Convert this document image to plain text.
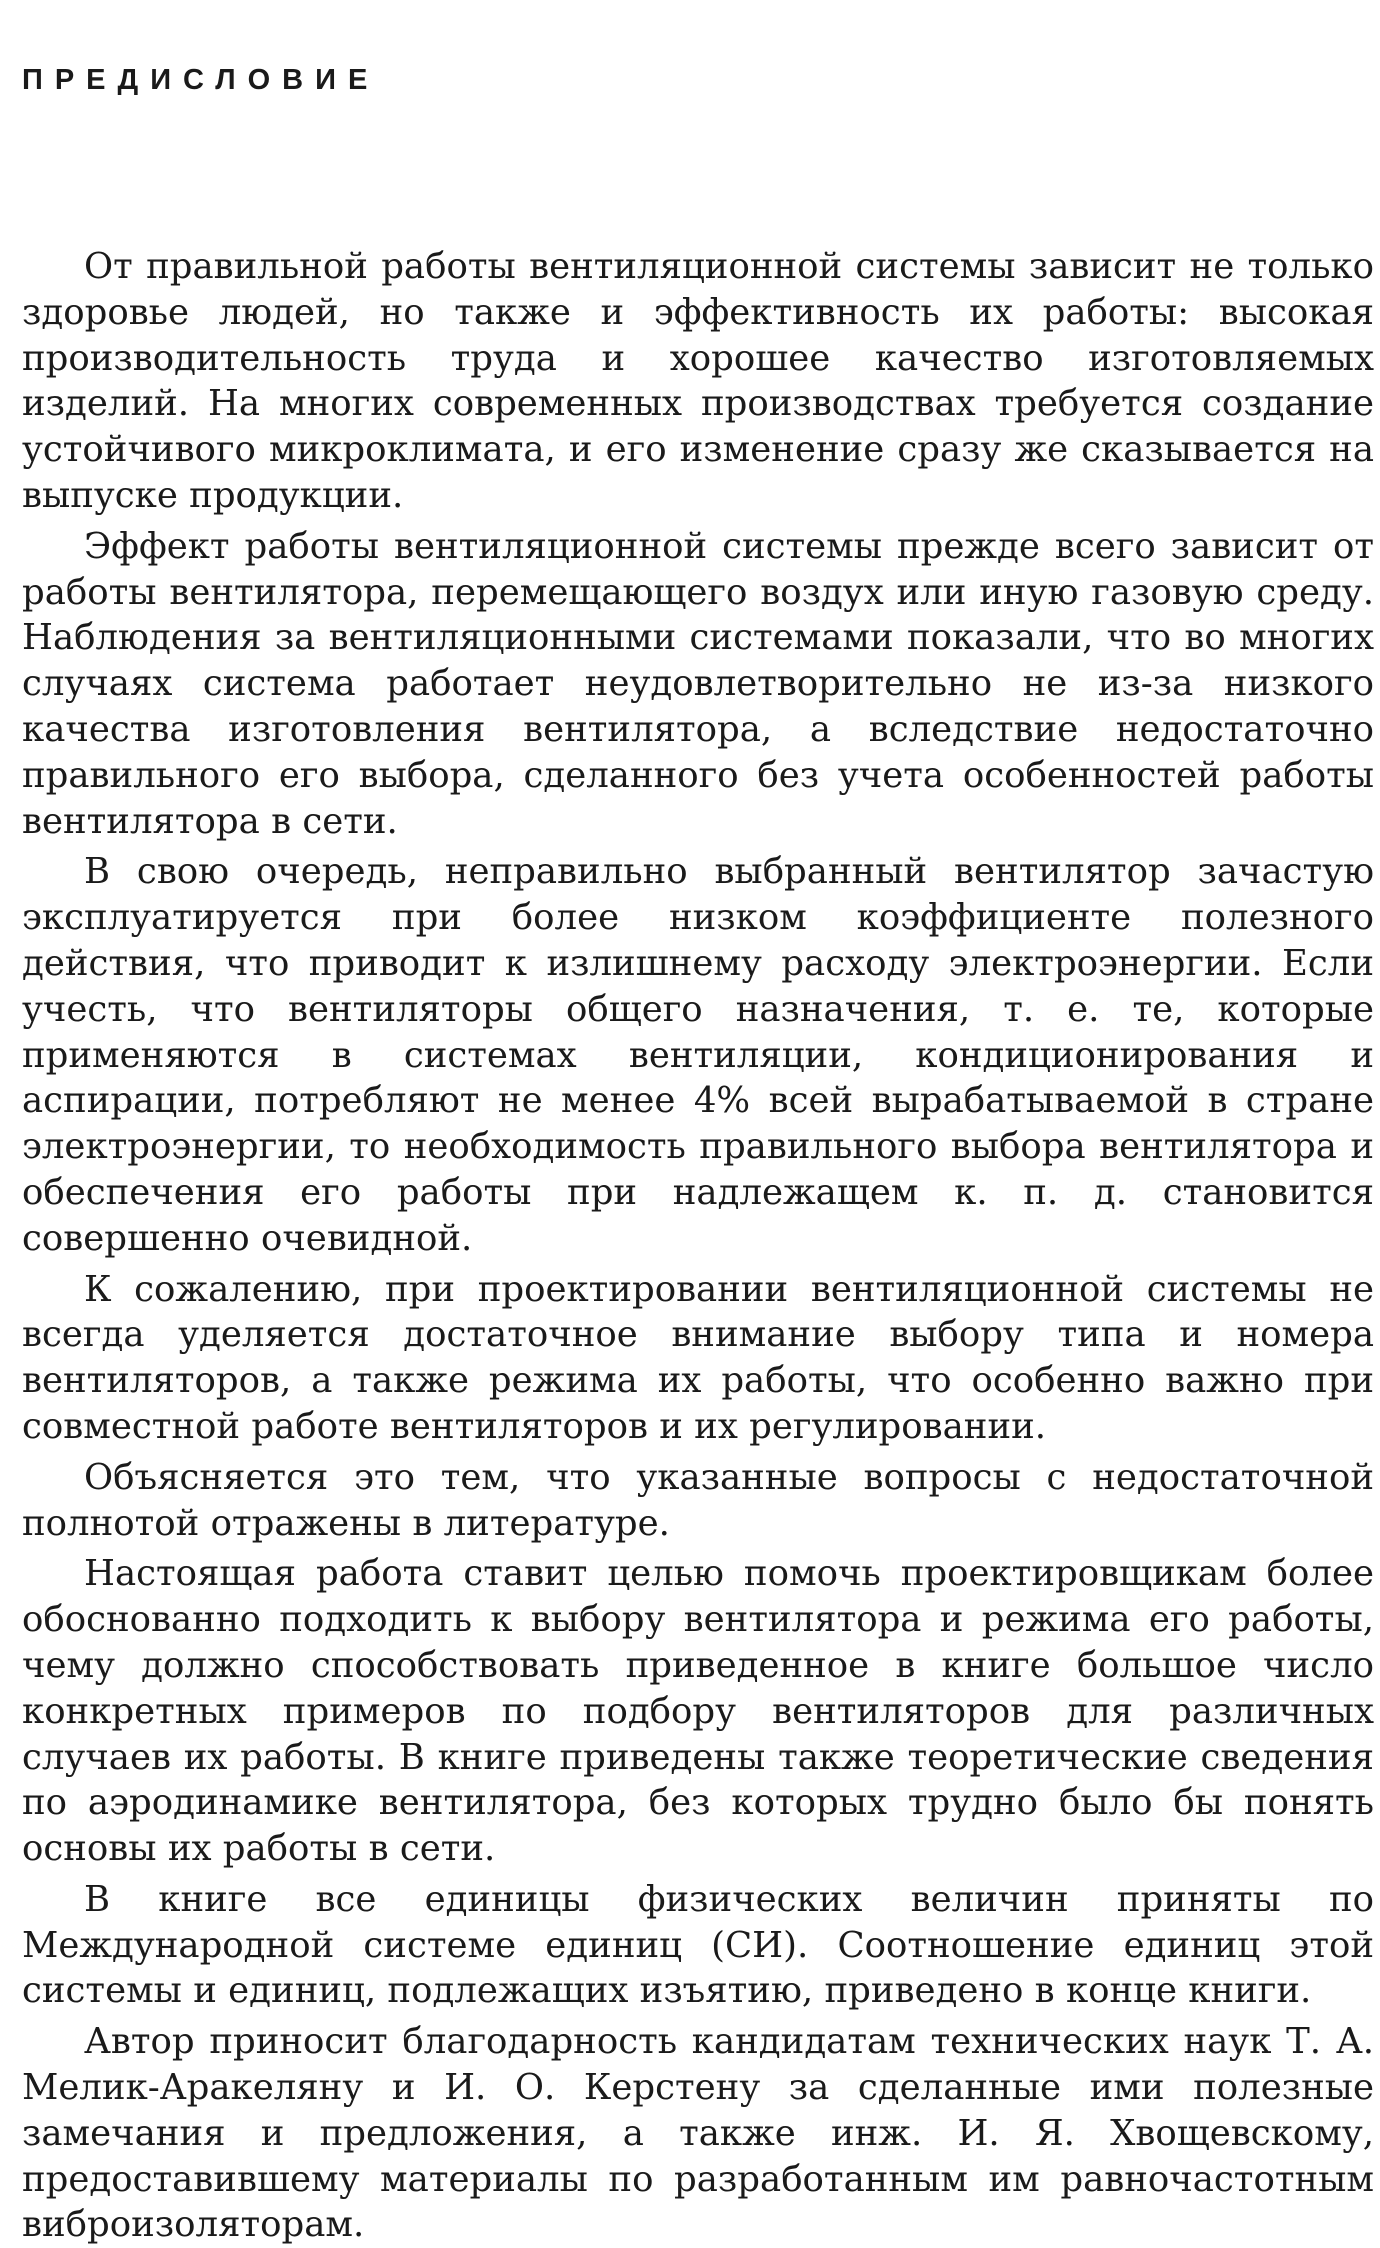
ПРЕДИСЛОВИЕ

От правильной работы вентиляционной системы зависит не только здоровье людей, но также и эффективность их работы: высокая производительность труда и хорошее качество изготовляемых изделий. На многих современных производствах требуется создание устойчивого микроклимата, и его изменение сразу же сказывается на выпуске продукции.

Эффект работы вентиляционной системы прежде всего зависит от работы вентилятора, перемещающего воздух или иную газовую среду. Наблюдения за вентиляционными системами показали, что во многих случаях система работает неудовлетворительно не из-за низкого качества изготовления вентилятора, а вследствие недостаточно правильного его выбора, сделанного без учета особенностей работы вентилятора в сети.

В свою очередь, неправильно выбранный вентилятор зачастую эксплуатируется при более низком коэффициенте полезного действия, что приводит к излишнему расходу электроэнергии. Если учесть, что вентиляторы общего назначения, т. е. те, которые применяются в системах вентиляции, кондиционирования и аспирации, потребляют не менее 4% всей вырабатываемой в стране электроэнергии, то необходимость правильного выбора вентилятора и обеспечения его работы при надлежащем к. п. д. становится совершенно очевидной.

К сожалению, при проектировании вентиляционной системы не всегда уделяется достаточное внимание выбору типа и номера вентиляторов, а также режима их работы, что особенно важно при совместной работе вентиляторов и их регулировании.

Объясняется это тем, что указанные вопросы с недостаточной полнотой отражены в литературе.

Настоящая работа ставит целью помочь проектировщикам более обоснованно подходить к выбору вентилятора и режима его работы, чему должно способствовать приведенное в книге большое число конкретных примеров по подбору вентиляторов для различных случаев их работы. В книге приведены также теоретические сведения по аэродинамике вентилятора, без которых трудно было бы понять основы их работы в сети.

В книге все единицы физических величин приняты по Международной системе единиц (СИ). Соотношение единиц этой системы и единиц, подлежащих изъятию, приведено в конце книги.

Автор приносит благодарность кандидатам технических наук Т. А. Мелик-Аракеляну и И. О. Керстену за сделанные ими полезные замечания и предложения, а также инж. И. Я. Хвощевскому, предоставившему материалы по разработанным им равночастотным виброизоляторам.
